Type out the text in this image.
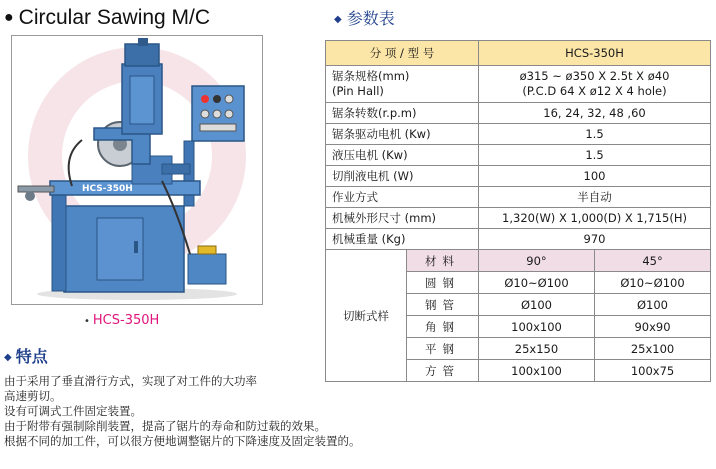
● Circular Sawing M/C
HCS-350H
• HCS-350H
◆ 特点
由于采用了垂直滑行方式，实现了对工件的大功率
高速剪切。
设有可调式工件固定装置。
由于附带有强制除削装置，提高了锯片的寿命和防过载的效果。
根据不同的加工件，可以很方便地调整锯片的下降速度及固定装置的。
◆ 参数表
分 项 / 型 号		HCS-350H	

锯条规格(mm)
(Pin Hall)		ø315 ~ ø350 X 2.5t X ø40
(P.C.D 64 X ø12 X 4 hole)	

锯条转数(r.p.m)		16, 24, 32, 48 ,60	
锯条驱动电机 (Kw)		1.5	
液压电机 (Kw)		1.5	
切削液电机 (W)		100	
作业方式		半自动	
机械外形尺寸 (mm)		1,320(W) X 1,000(D) X 1,715(H)	
机械重量 (Kg)		970	
切断式样	材料	90°	45°
	圆钢	Ø10~Ø100	Ø10~Ø100
	钢管	Ø100	Ø100
	角钢	100x100	90x90
	平钢	25x150	25x100
	方管	100x100	100x75
